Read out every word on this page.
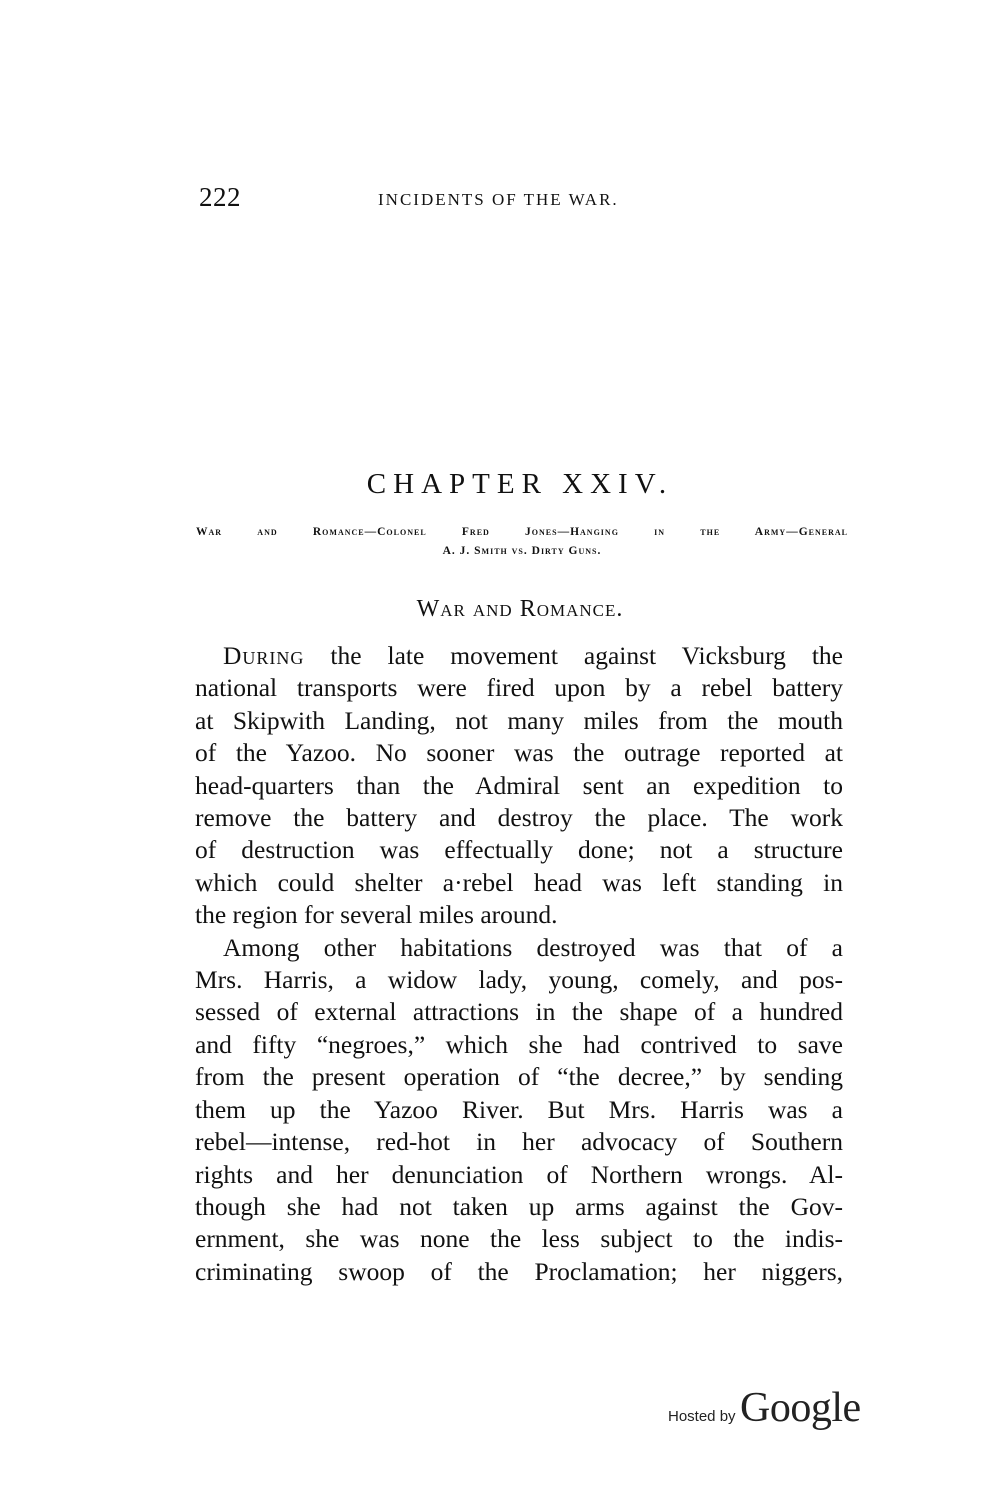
222	INCIDENTS OF THE WAR.
CHAPTER XXIV.
War and Romance—Colonel Fred Jones—Hanging in the Army—General
A. J. Smith vs. Dirty Guns.
War and Romance.
During the late movement against Vicksburg the
national transports were fired upon by a rebel battery
at Skipwith Landing, not many miles from the mouth
of the Yazoo. No sooner was the outrage reported at
head-quarters than the Admiral sent an expedition to
remove the battery and destroy the place. The work
of destruction was effectually done; not a structure
which could shelter a·rebel head was left standing in
the region for several miles around.
Among other habitations destroyed was that of a
Mrs. Harris, a widow lady, young, comely, and pos-
sessed of external attractions in the shape of a hundred
and fifty “negroes,” which she had contrived to save
from the present operation of “the decree,” by sending
them up the Yazoo River. But Mrs. Harris was a
rebel—intense, red-hot in her advocacy of Southern
rights and her denunciation of Northern wrongs. Al-
though she had not taken up arms against the Gov-
ernment, she was none the less subject to the indis-
criminating swoop of the Proclamation; her niggers,
Hosted by Google
